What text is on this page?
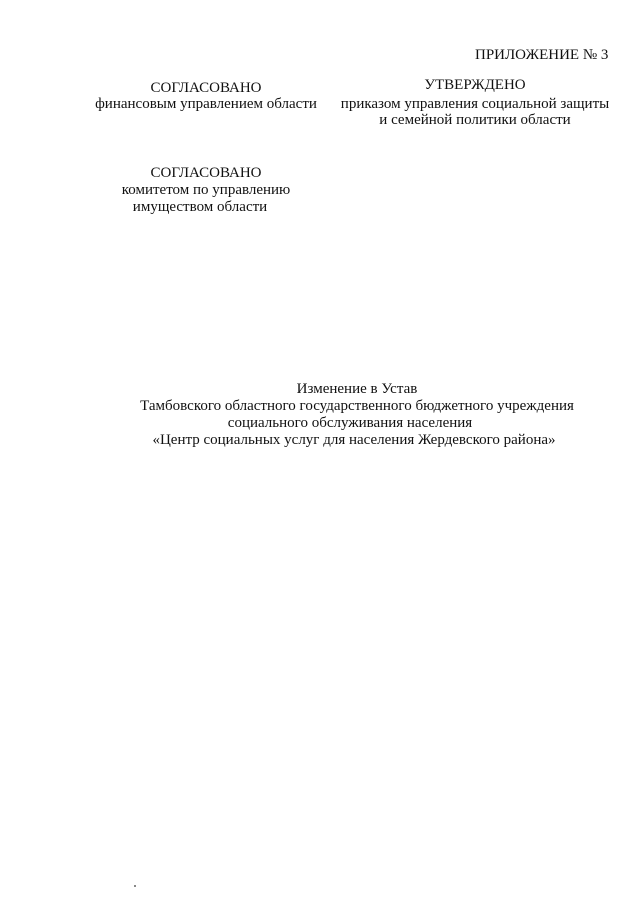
ПРИЛОЖЕНИЕ № 3
СОГЛАСОВАНО
финансовым управлением области
УТВЕРЖДЕНО
приказом управления социальной защиты
и семейной политики области
СОГЛАСОВАНО
комитетом по управлению
имуществом области
Изменение в Устав
Тамбовского областного государственного бюджетного учреждения
социального обслуживания населения
«Центр социальных услуг для населения Жердевского района»
